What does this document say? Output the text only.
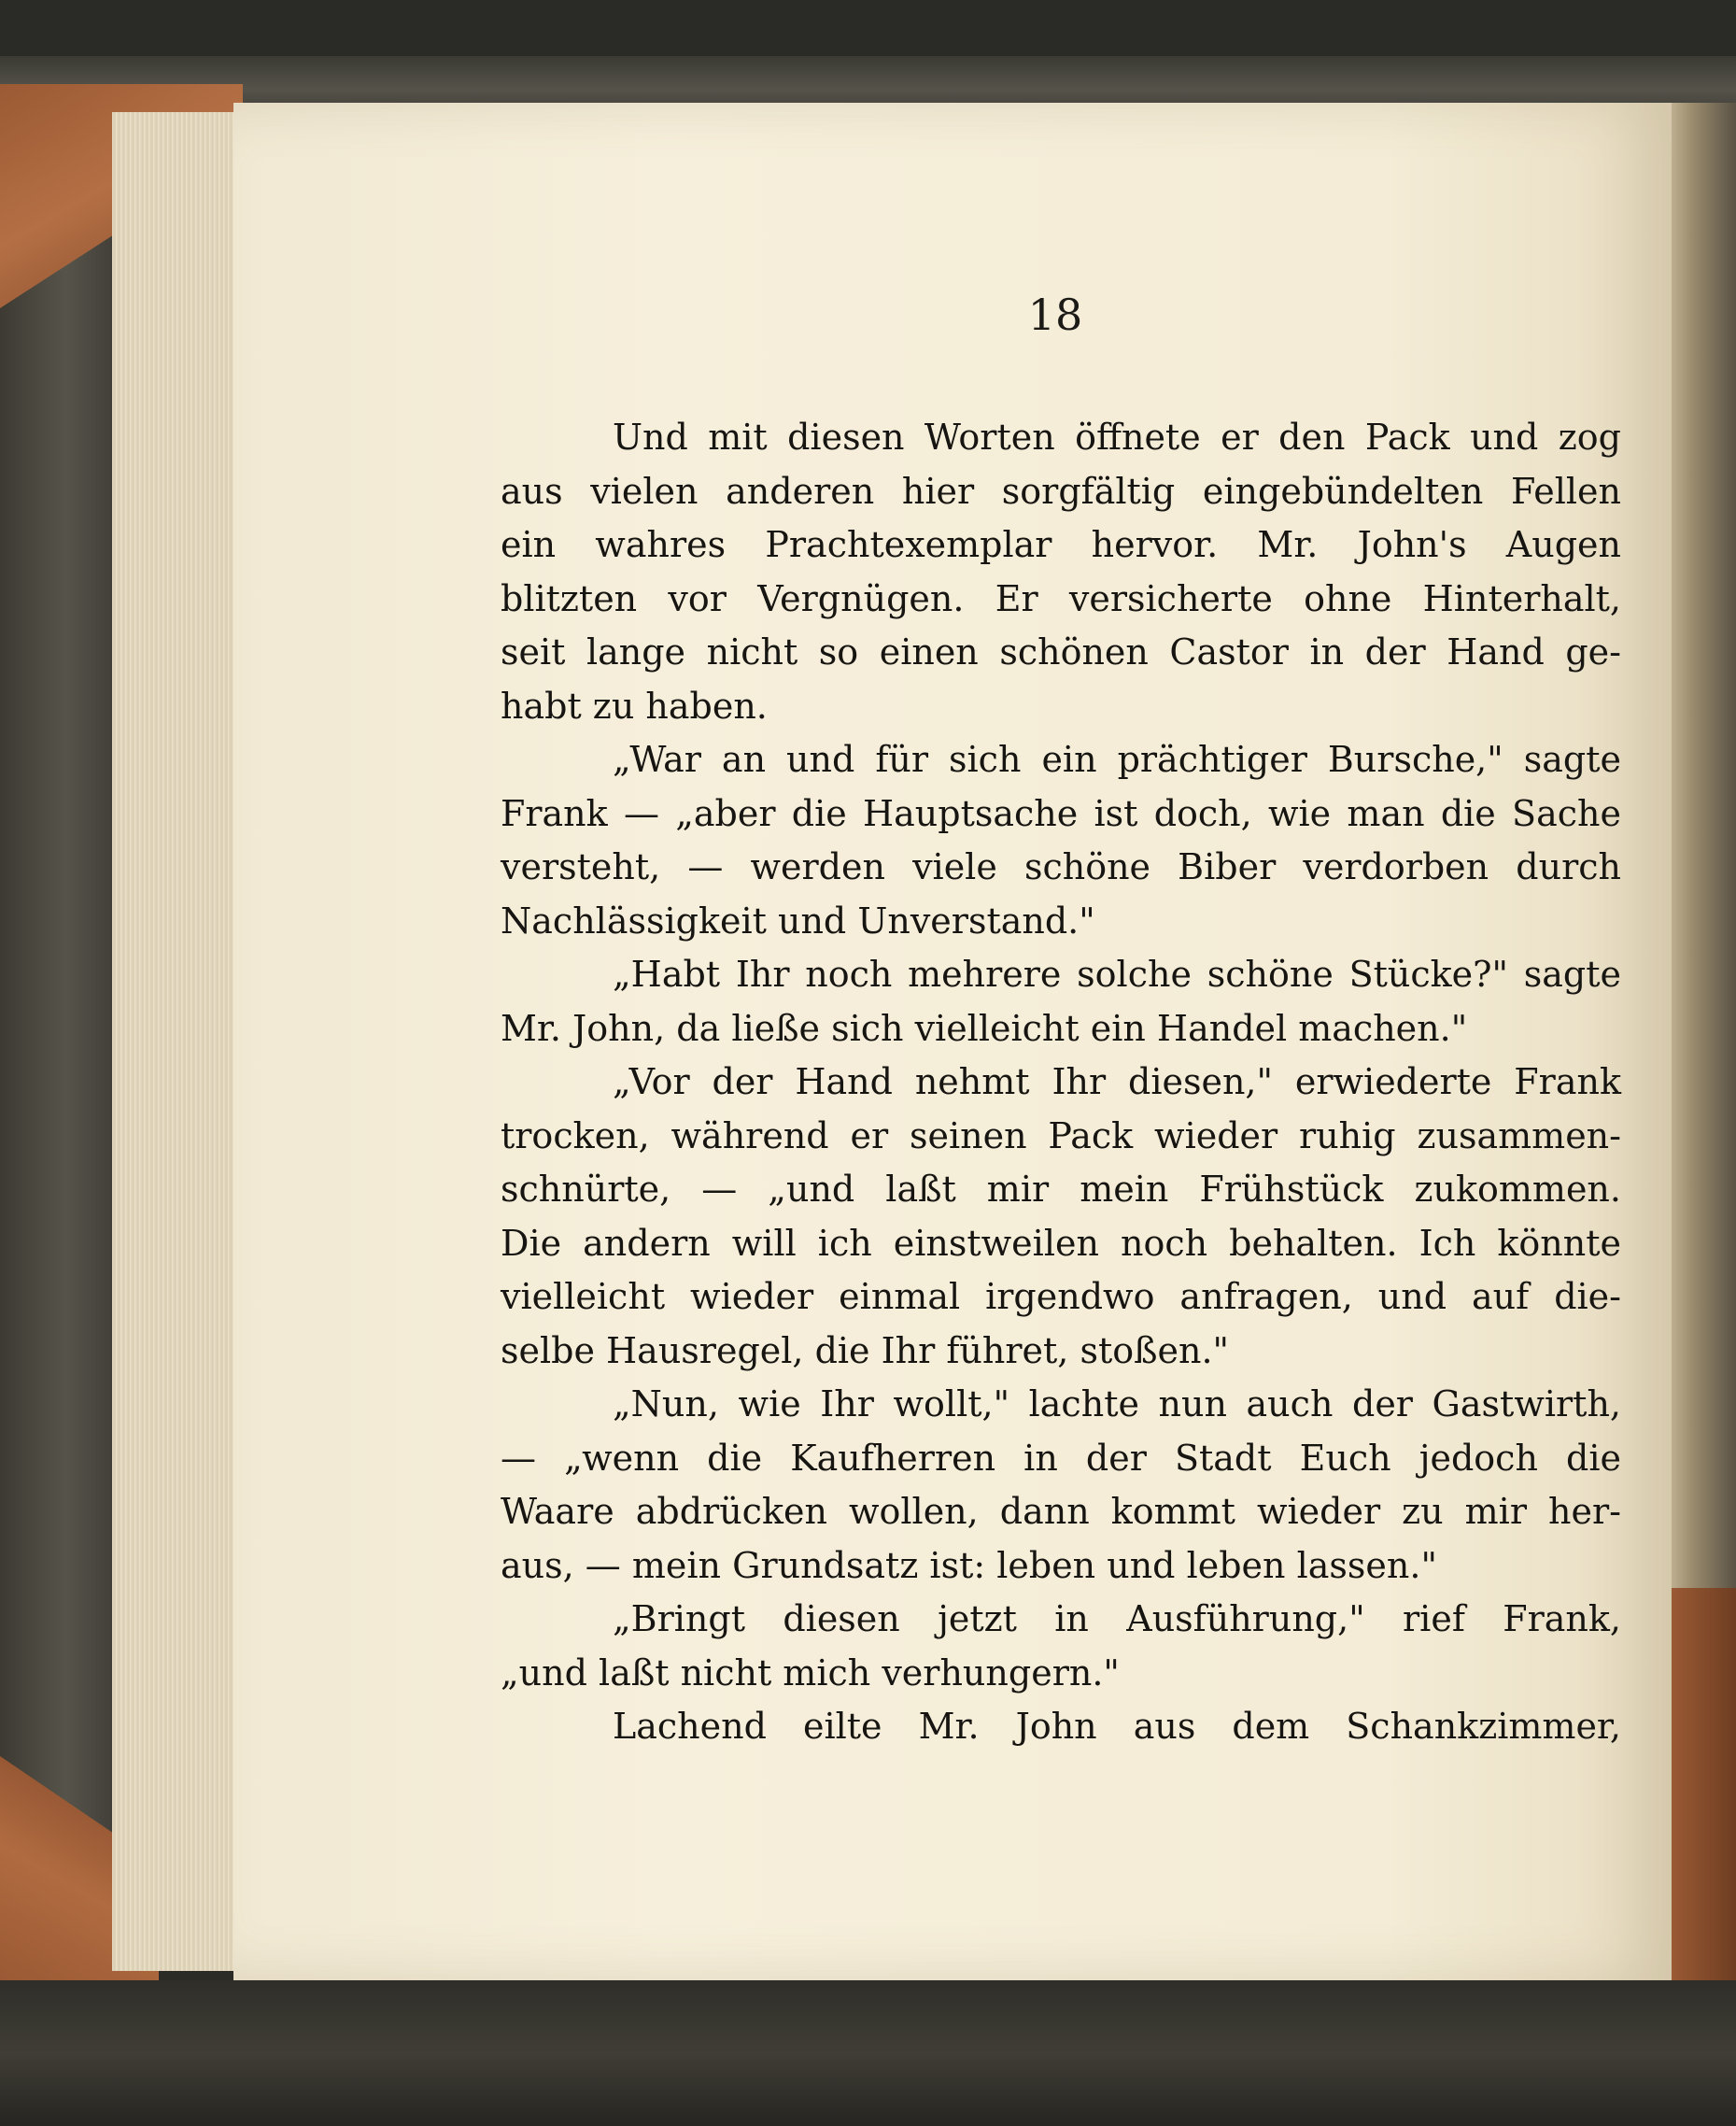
18
Und mit diesen Worten öffnete er den Pack und zog
aus vielen anderen hier sorgfältig eingebündelten Fellen
ein wahres Prachtexemplar hervor. Mr. John's Augen
blitzten vor Vergnügen. Er versicherte ohne Hinterhalt,
seit lange nicht so einen schönen Castor in der Hand ge-
habt zu haben.
„War an und für sich ein prächtiger Bursche," sagte
Frank — „aber die Hauptsache ist doch, wie man die Sache
versteht, — werden viele schöne Biber verdorben durch
Nachlässigkeit und Unverstand."
„Habt Ihr noch mehrere solche schöne Stücke?" sagte
Mr. John, da ließe sich vielleicht ein Handel machen."
„Vor der Hand nehmt Ihr diesen," erwiederte Frank
trocken, während er seinen Pack wieder ruhig zusammen-
schnürte, — „und laßt mir mein Frühstück zukommen.
Die andern will ich einstweilen noch behalten. Ich könnte
vielleicht wieder einmal irgendwo anfragen, und auf die-
selbe Hausregel, die Ihr führet, stoßen."
„Nun, wie Ihr wollt," lachte nun auch der Gastwirth,
— „wenn die Kaufherren in der Stadt Euch jedoch die
Waare abdrücken wollen, dann kommt wieder zu mir her-
aus, — mein Grundsatz ist: leben und leben lassen."
„Bringt diesen jetzt in Ausführung," rief Frank,
„und laßt nicht mich verhungern."
Lachend eilte Mr. John aus dem Schankzimmer,
